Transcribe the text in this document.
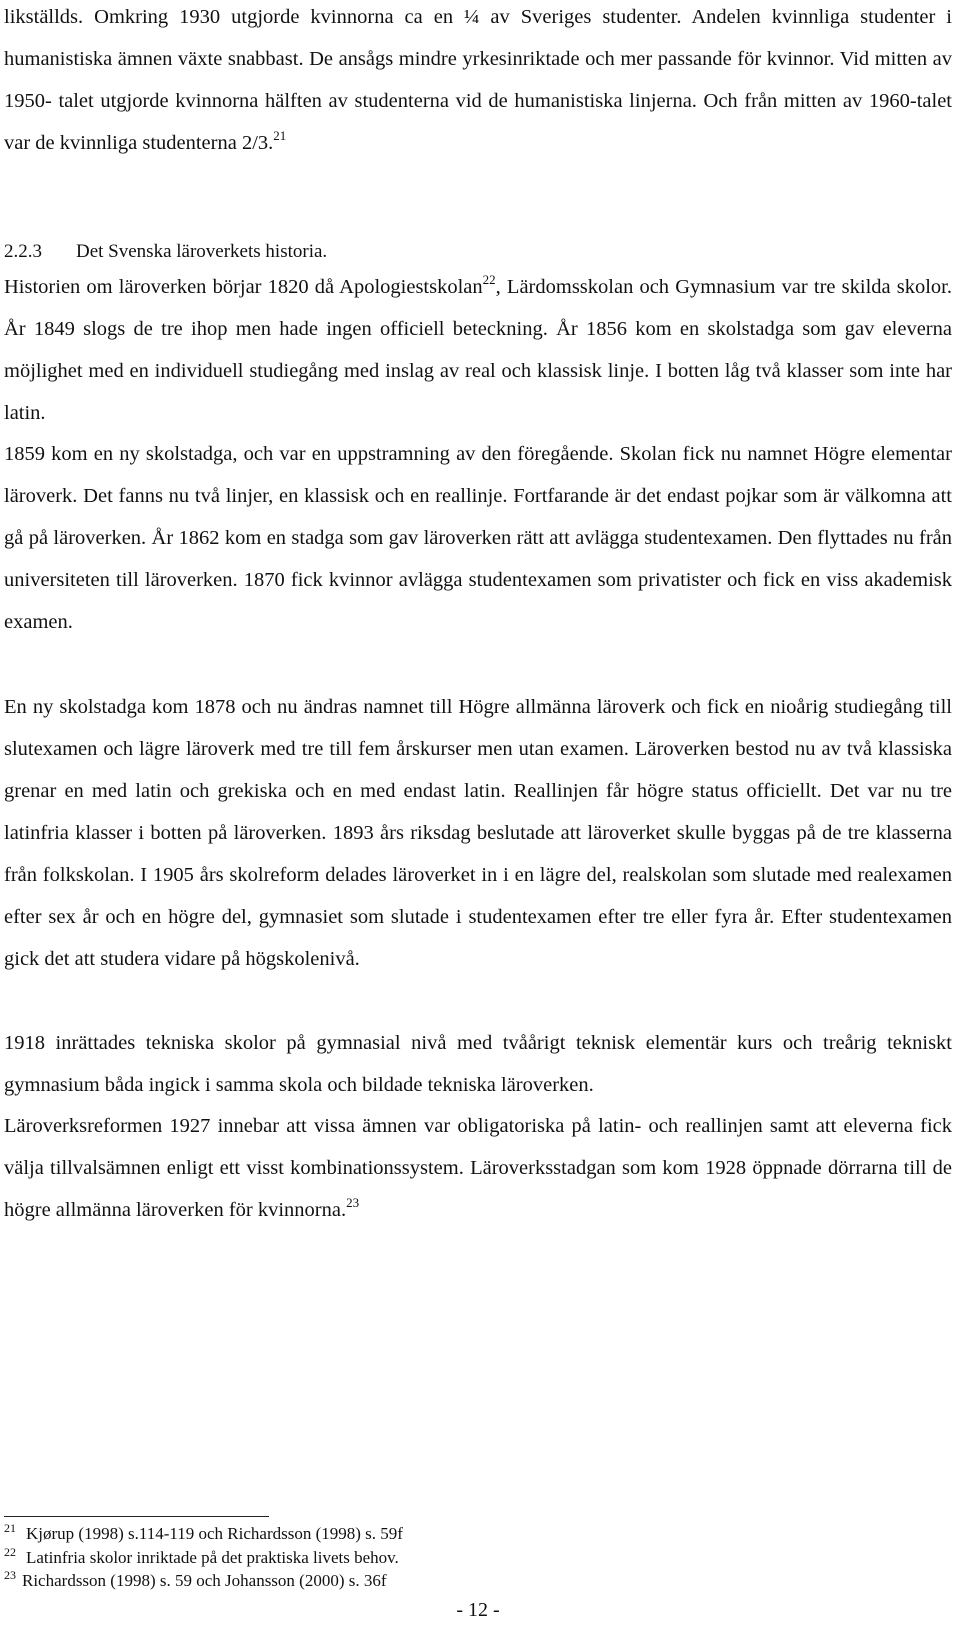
likställds. Omkring 1930 utgjorde kvinnorna ca en ¼ av Sveriges studenter. Andelen kvinnliga studenter i humanistiska ämnen växte snabbast. De ansågs mindre yrkesinriktade och mer passande för kvinnor. Vid mitten av 1950- talet utgjorde kvinnorna hälften av studenterna vid de humanistiska linjerna. Och från mitten av 1960-talet var de kvinnliga studenterna 2/3.21

2.2.3 Det Svenska läroverkets historia.

Historien om läroverken börjar 1820 då Apologiestskolan$^{22}$, Lärdomsskolan och Gymnasium var tre skilda skolor. År 1849 slogs de tre ihop men hade ingen officiell beteckning. År 1856 kom en skolstadga som gav eleverna möjlighet med en individuell studiegång med inslag av real och klassisk linje. I botten låg två klasser som inte har latin.

1859 kom en ny skolstadga, och var en uppstramning av den föregående. Skolan fick nu namnet Högre elementar läroverk. Det fanns nu två linjer, en klassisk och en reallinje. Fortfarande är det endast pojkar som är välkomna att gå på läroverken. År 1862 kom en stadga som gav läroverken rätt att avlägga studentexamen. Den flyttades nu från universiteten till läroverken. 1870 fick kvinnor avlägga studentexamen som privatister och fick en viss akademisk examen.

En ny skolstadga kom 1878 och nu ändras namnet till Högre allmänna läroverk och fick en nioårig studiegång till slutexamen och lägre läroverk med tre till fem årskurser men utan examen. Läroverken bestod nu av två klassiska grenar en med latin och grekiska och en med endast latin. Reallinjen får högre status officiellt. Det var nu tre latinfria klasser i botten på läroverken. 1893 års riksdag beslutade att läroverket skulle byggas på de tre klasserna från folkskolan. I 1905 års skolreform delades läroverket in i en lägre del, realskolan som slutade med realexamen efter sex år och en högre del, gymnasiet som slutade i studentexamen efter tre eller fyra år. Efter studentexamen gick det att studera vidare på högskolenivå.

1918 inrättades tekniska skolor på gymnasial nivå med tvåårigt teknisk elementär kurs och treårig tekniskt gymnasium båda ingick i samma skola och bildade tekniska läroverken.

Läroverksreformen 1927 innebar att vissa ämnen var obligatoriska på latin- och reallinjen samt att eleverna fick välja tillvalsämnen enligt ett visst kombinationssystem. Läroverksstadgan som kom 1928 öppnade dörrarna till de högre allmänna läroverken för kvinnorna.$^{23}$

$^{21}$ Kjørup (1998) s.114-119 och Richardsson (1998) s. 59f

$^{22}$ Latinfria skolor inriktade på det praktiska livets behov.

$^{23}$ Richardsson (1998) s. 59 och Johansson (2000) s. 36f

- 12 -
